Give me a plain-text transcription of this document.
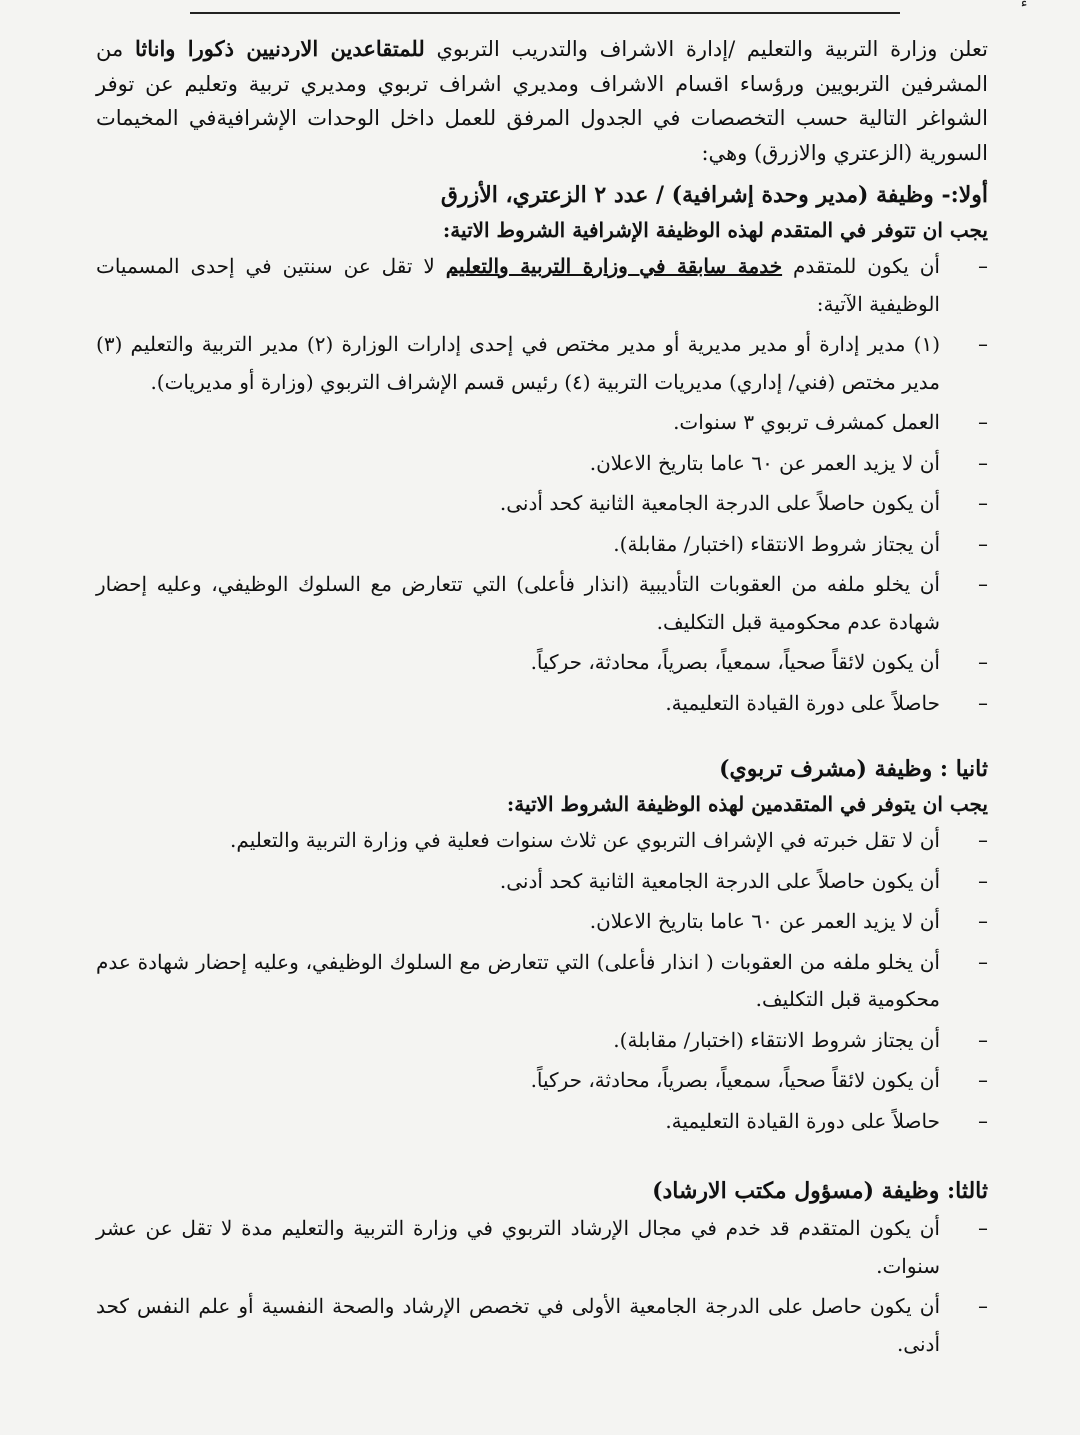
ٴ

تعلن وزارة التربية والتعليم /إدارة الاشراف والتدريب التربوي للمتقاعدين الاردنيين ذكورا واناثا من المشرفين التربويين ورؤساء اقسام الاشراف ومديري اشراف تربوي ومديري تربية وتعليم عن توفر الشواغر التالية حسب التخصصات في الجدول المرفق للعمل داخل الوحدات الإشرافيةفي المخيمات السورية (الزعتري والازرق) وهي:

أولا:- وظيفة (مدير وحدة إشرافية) / عدد ٢ الزعتري، الأزرق

يجب ان تتوفر في المتقدم لهذه الوظيفة الإشرافية الشروط الاتية:

–
أن يكون للمتقدم خدمة سابقة في وزارة التربية والتعليم لا تقل عن سنتين في إحدى المسميات الوظيفية الآتية:
–
(١) مدير إدارة أو مدير مديرية أو مدير مختص في إحدى إدارات الوزارة (٢) مدير التربية والتعليم (٣) مدير مختص (فني/ إداري) مديريات التربية (٤) رئيس قسم الإشراف التربوي (وزارة أو مديريات).
–
العمل كمشرف تربوي ٣ سنوات.
–
أن لا يزيد العمر عن ٦٠ عاما بتاريخ الاعلان.
–
أن يكون حاصلاً على الدرجة الجامعية الثانية كحد أدنى.
–
أن يجتاز شروط الانتقاء (اختبار/ مقابلة).
–
أن يخلو ملفه من العقوبات التأديبية (انذار فأعلى) التي تتعارض مع السلوك الوظيفي، وعليه إحضار شهادة عدم محكومية قبل التكليف.
–
أن يكون لائقاً صحياً، سمعياً، بصرياً، محادثة، حركياً.
–
حاصلاً على دورة القيادة التعليمية.
ثانيا : وظيفة (مشرف تربوي)

يجب ان يتوفر في المتقدمين لهذه الوظيفة الشروط الاتية:

–
أن لا تقل خبرته في الإشراف التربوي عن ثلاث سنوات فعلية في وزارة التربية والتعليم.
–
أن يكون حاصلاً على الدرجة الجامعية الثانية كحد أدنى.
–
أن لا يزيد العمر عن ٦٠ عاما بتاريخ الاعلان.
–
أن يخلو ملفه من العقوبات ( انذار فأعلى) التي تتعارض مع السلوك الوظيفي، وعليه إحضار شهادة عدم محكومية قبل التكليف.
–
أن يجتاز شروط الانتقاء (اختبار/ مقابلة).
–
أن يكون لائقاً صحياً، سمعياً، بصرياً، محادثة، حركياً.
–
حاصلاً على دورة القيادة التعليمية.
ثالثا: وظيفة (مسؤول مكتب الارشاد)
–
أن يكون المتقدم قد خدم في مجال الإرشاد التربوي في وزارة التربية والتعليم مدة لا تقل عن عشر سنوات.
–
أن يكون حاصل على الدرجة الجامعية الأولى في تخصص الإرشاد والصحة النفسية أو علم النفس كحد أدنى.
